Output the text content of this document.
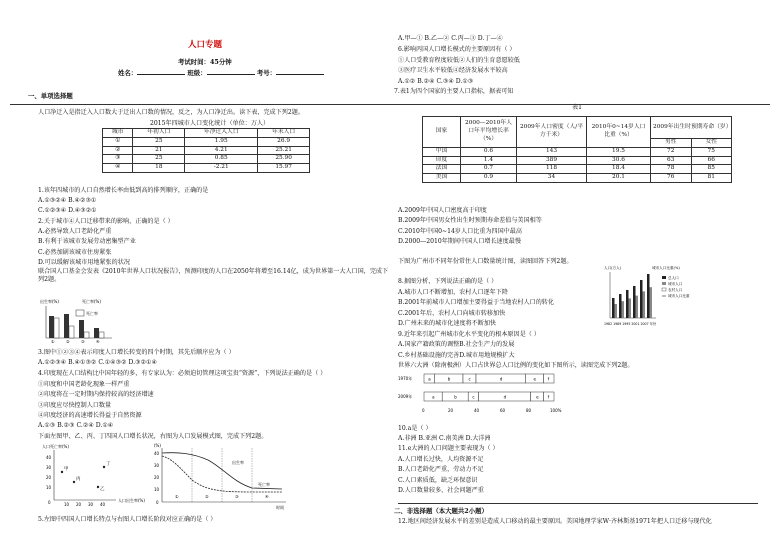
人口专题
考试时间：45分钟
姓名：	班级：	考号：
一、单项选择题
人口净迁入是指迁入人口数大于迁出人口数的情况，反之，为人口净迁出。读下表，完成下列2题。
2015年四城市人口变化统计（单位：万人）
城市	年初人口	年净迁入人口	年末人口
①	25	1.95	26.9
②	21	4.21	25.21
③	25	0.85	25.90
④	18	-2.21	15.97
1.该年四城市的人口自然增长率由低到高的排列顺序，正确的是
A.①③②④ B.④②③①
C.①②③④ D.④③②①
2.关于城市④人口迁移带来的影响，正确的是（ ）
A.必然导致人口老龄化严重
B.有利于该城市发展劳动密集型产业
C.必然加剧该城市住房紧张
D.可以缓解该城市用地紧张的状况
联合国人口基金会发表《2010年世界人口状况报告》，预测印度的人口在2050年将增至16.14亿，成为世界第一大人口国，完成下列2题。
出生率(%)	死亡率(%)
死亡率
①	②	③	④
3.图中①②③④表示印度人口增长转变的四个时期，其先后顺序应为（ ）
A.①②③④ B.④①③② C.①④③② D.③②①④
4.印度现在人口结构比中国年轻的多，有专家认为：必须迫切管理这项宝贵“资源”，下列说法正确的是（ ）
①印度和中国老龄化现象一样严重
②印度将在一定时期内保持较高的经济增速
③印度应尽快控制人口数量
④印度经济的高速增长得益于自然资源
A.①③ B.②③ C.②④ D.①④
下面左图甲、乙、丙、丁四国人口增长状况，右图为人口发展模式图，完成下列2题。
人口死亡率(%)
40
30
20
10
0	10 20 30 40
人口出生率(%)
甲
丙
丁
乙
(%)
40
30
20
10
0
出生率
死亡率
①	②	③	④
时间
5.左图中四国人口增长特点与右图人口增长阶段对应正确的是（ ）
A.甲—① B.乙—② C.丙—③ D.丁—④
6.影响丙国人口增长模式的主要原因有（ ）
①人口受教育程度较低②人们的生育意愿较低
③医疗卫生水平较低④经济发展水平较高
A.①② B.②④ C.③④ D.①③
7.表1为四个国家的主要人口指标，据表可知
表1
国家	2000—2010年人口年平均增长率（%）	2009年人口密度（人/平方千米）	2010年0~14岁人口比重（%）	2009年出生时预期寿命（岁）	
				男性	女性
中国	0.6	143	19.5	72	75
印度	1.4	389	30.6	63	66
法国	0.7	118	18.4	78	85
美国	0.9	34	20.1	76	81
A.2009年中国人口密度高于印度
B.2009年中国男女性出生时预期寿命差值与美国相等
C.2010年中国0~14岁人口比重为四国中最高
D.2000—2010年期间中国人口增长速度最慢
下图为广州市不同年份常住人口数量统计图，读图回答下列2题。
8.据图分析，下列说法正确的是（ ）
A.城市人口不断增加，农村人口逐年下降
B.2001年前城市人口增加主要得益于当地农村人口的转化
C.2001年后，农村人口向城市转移加快
D.广州未来的城市化速度将不断加快
9.近年来引起广州城市化水平变化的根本原因是（ ）
A.国家产籍政策的调整B.社会生产力的发展
C.乡村基础设施的完善D.城市用地规模扩大
世界六大洲（除南极洲）人口占世界总人口比例的变化如下图所示，读图完成下列2题。
人口(万人)	城市人口比重(%)
1982 1989 1995 2001 2007 年份
总人口
城市人口
农村人口
城市人口比重
1970年
2009年
a	b	c	d	e	f
a	b	c	d	e f
0	20	40	60	80	100%
10.a是（ ）
A.非洲 B.亚洲 C.南美洲 D.大洋洲
11.e大洲的人口问题主要表现为（ ）
A.人口增长过快，人均资源不足
B.人口老龄化严重，劳动力不足
C.人口素质低，缺乏环保意识
D.人口数量较多，社会问题严重
二、非选择题（本大题共2小题）
12.地区间经济发展水平的差别是造成人口移动的最主要原因。美国地理学家W·齐林斯基1971年把人口迁移与现代化
